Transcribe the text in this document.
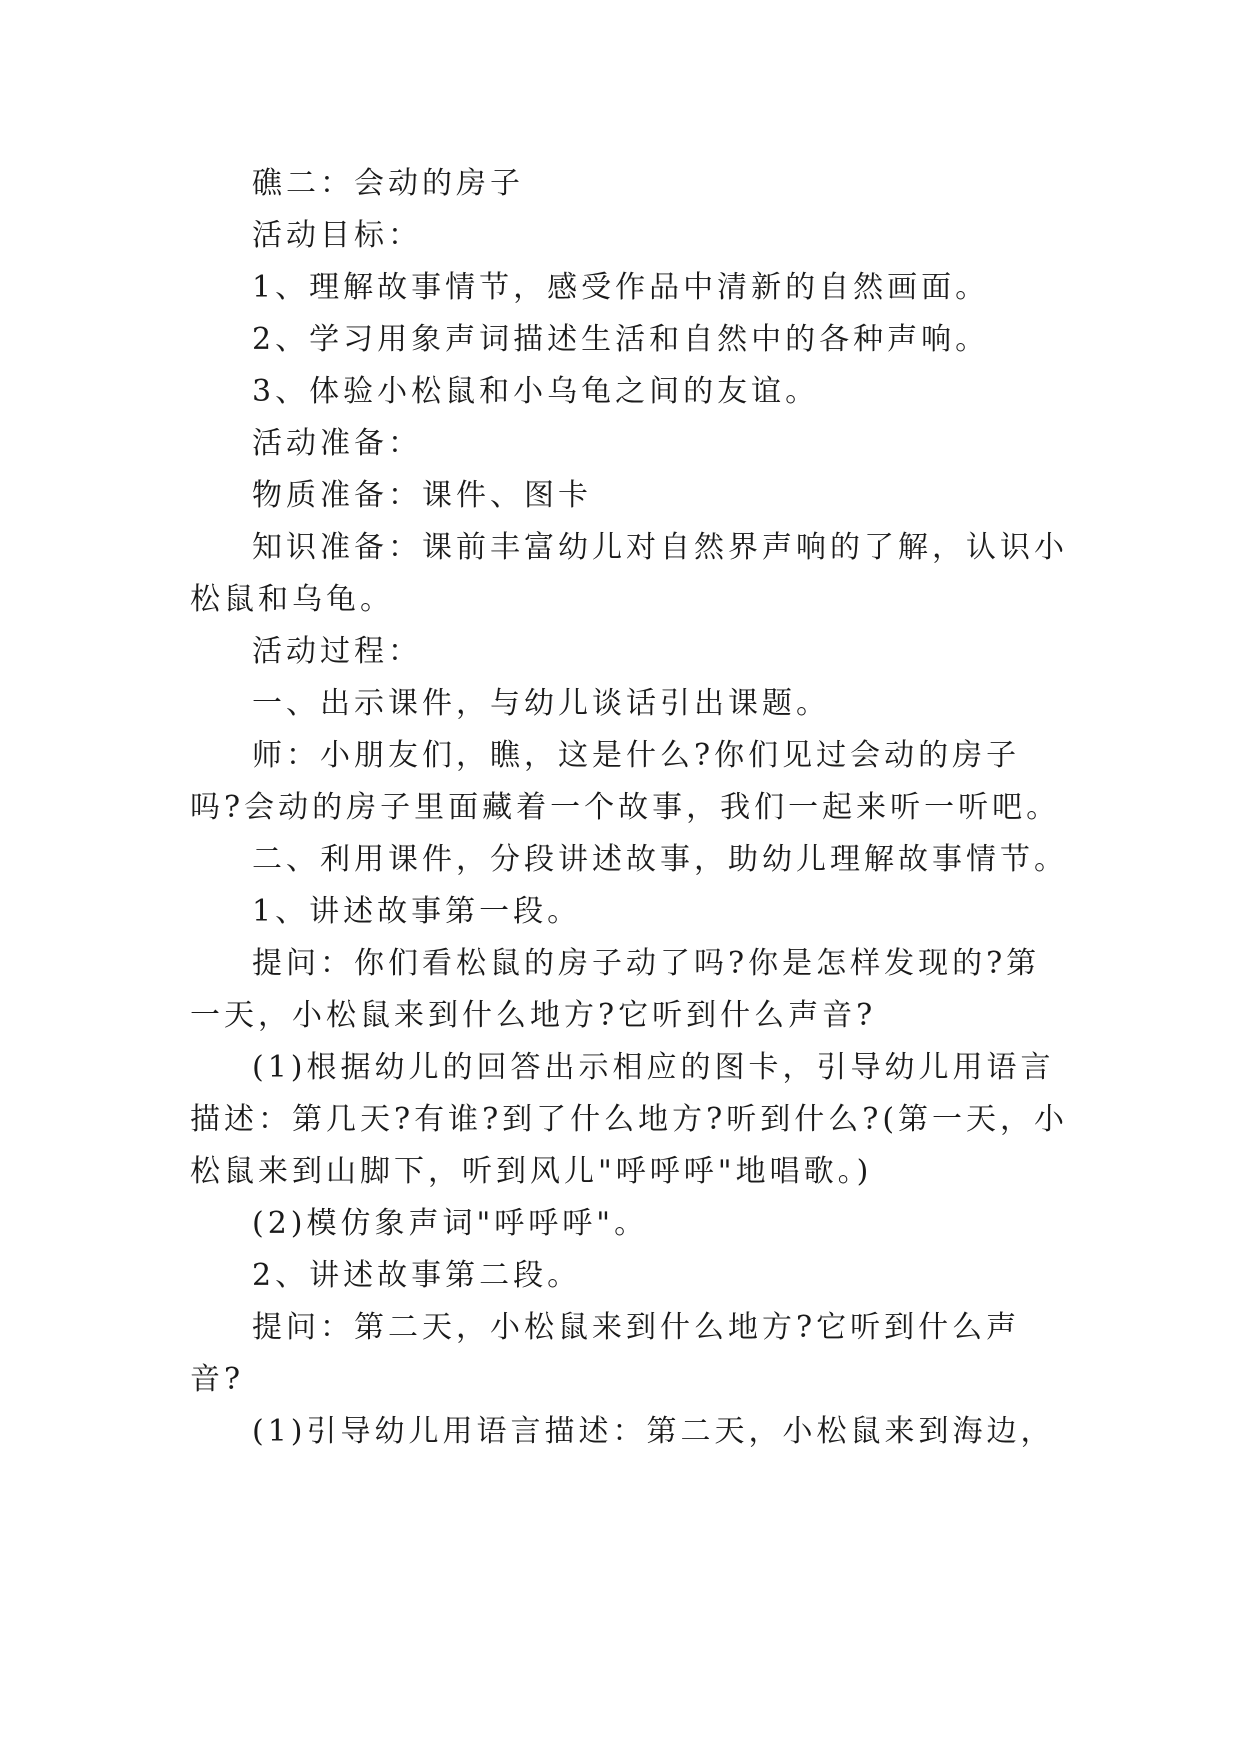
礁二：会动的房子

活动目标：

1、理解故事情节，感受作品中清新的自然画面。

2、学习用象声词描述生活和自然中的各种声响。

3、体验小松鼠和小乌龟之间的友谊。

活动准备：

物质准备：课件、图卡

知识准备：课前丰富幼儿对自然界声响的了解，认识小松鼠和乌龟。

活动过程：

一、出示课件，与幼儿谈话引出课题。

师：小朋友们，瞧，这是什么?你们见过会动的房子吗?会动的房子里面藏着一个故事，我们一起来听一听吧。

二、利用课件，分段讲述故事，助幼儿理解故事情节。

1、讲述故事第一段。

提问：你们看松鼠的房子动了吗?你是怎样发现的?第一天，小松鼠来到什么地方?它听到什么声音?

(1)根据幼儿的回答出示相应的图卡，引导幼儿用语言描述：第几天?有谁?到了什么地方?听到什么?(第一天，小松鼠来到山脚下，听到风儿"呼呼呼"地唱歌。)

(2)模仿象声词"呼呼呼"。

2、讲述故事第二段。

提问：第二天，小松鼠来到什么地方?它听到什么声音?

(1)引导幼儿用语言描述：第二天，小松鼠来到海边，
